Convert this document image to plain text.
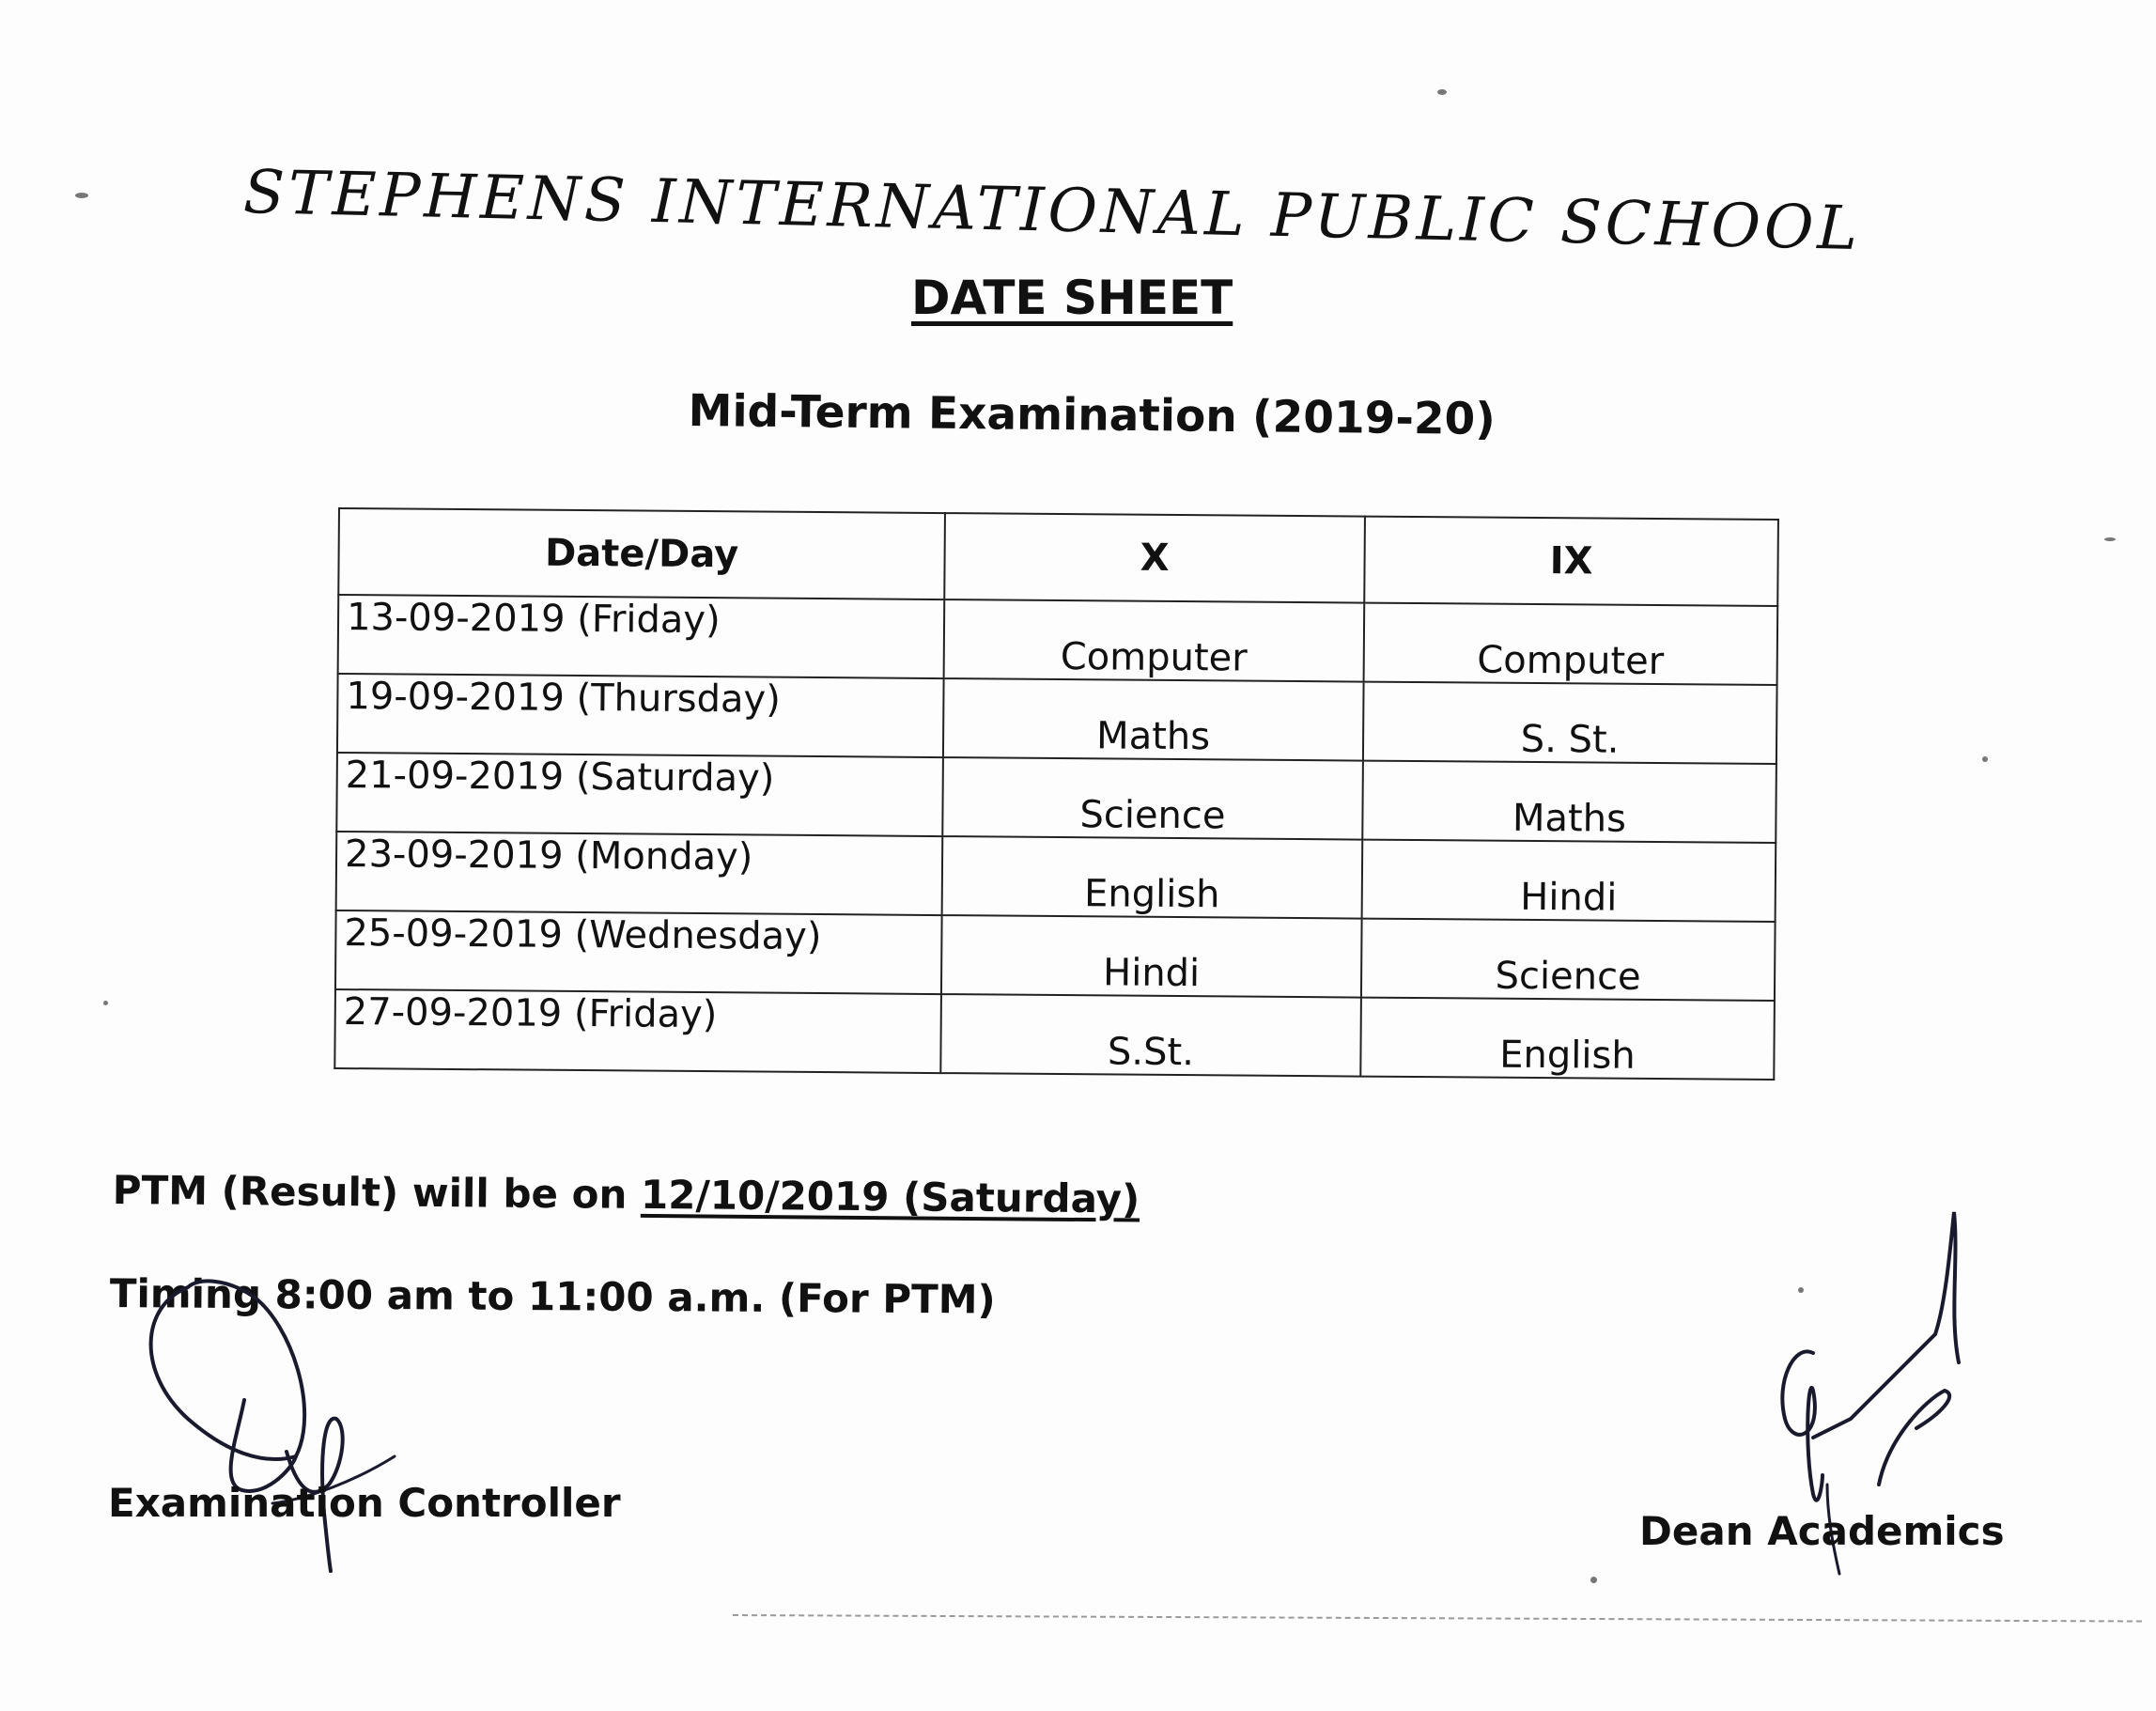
STEPHENS INTERNATIONAL PUBLIC SCHOOL
DATE SHEET
Mid-Term Examination (2019-20)
Date/Day	X	IX
13-09-2019 (Friday)	Computer	Computer
19-09-2019 (Thursday)	Maths	S. St.
21-09-2019 (Saturday)	Science	Maths
23-09-2019 (Monday)	English	Hindi
25-09-2019 (Wednesday)	Hindi	Science
27-09-2019 (Friday)	S.St.	English
PTM (Result) will be on 12/10/2019 (Saturday)
Timing 8:00 am to 11:00 a.m. (For PTM)
Examination Controller
Dean Academics
